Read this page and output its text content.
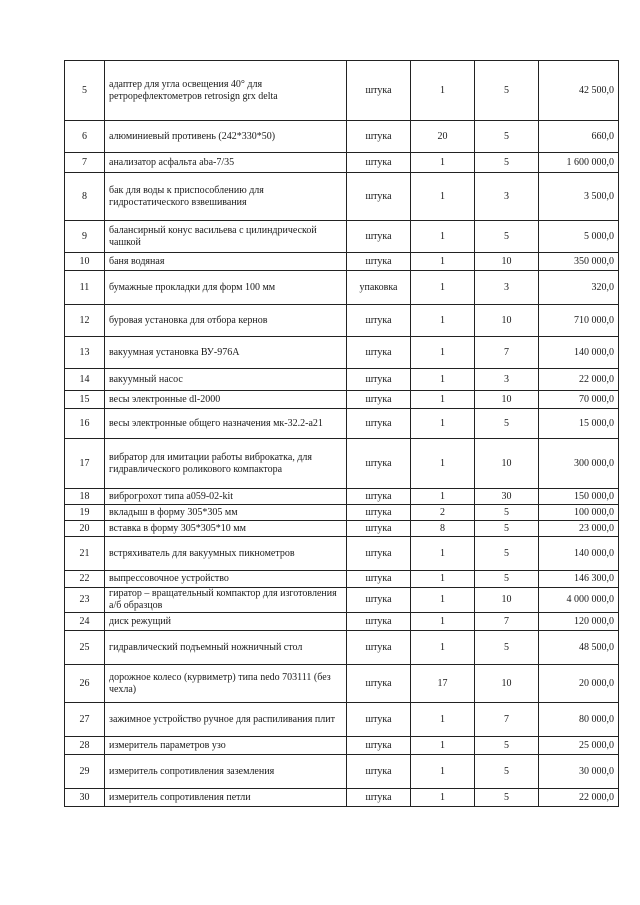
5	адаптер для угла освещения 40° для ретрорефлектометров retrosign grx delta	штука	1	5	42 500,0
6	алюминиевый противень (242*330*50)	штука	20	5	660,0
7	анализатор асфальта aba-7/35	штука	1	5	1 600 000,0
8	бак для воды к приспособлению для гидростатического взвешивания	штука	1	3	3 500,0
9	балансирный конус васильева с цилиндрической чашкой	штука	1	5	5 000,0
10	баня водяная	штука	1	10	350 000,0
11	бумажные прокладки для форм 100 мм	упаковка	1	3	320,0
12	буровая установка для отбора кернов	штука	1	10	710 000,0
13	вакуумная установка ВУ-976А	штука	1	7	140 000,0
14	вакуумный насос	штука	1	3	22 000,0
15	весы электронные dl-2000	штука	1	10	70 000,0
16	весы электронные общего назначения мк-32.2-а21	штука	1	5	15 000,0
17	вибратор для имитации работы виброкатка, для гидравлического роликового компактора	штука	1	10	300 000,0
18	виброгрохот типа а059-02-kit	штука	1	30	150 000,0
19	вкладыш в форму 305*305 мм	штука	2	5	100 000,0
20	вставка в форму 305*305*10 мм	штука	8	5	23 000,0
21	встряхиватель для вакуумных пикнометров	штука	1	5	140 000,0
22	выпрессовочное устройство	штука	1	5	146 300,0
23	гиратор – вращательный компактор для изготовления а/б образцов	штука	1	10	4 000 000,0
24	диск режущий	штука	1	7	120 000,0
25	гидравлический подъемный ножничный стол	штука	1	5	48 500,0
26	дорожное колесо (курвиметр) типа nedo 703111 (без чехла)	штука	17	10	20 000,0
27	зажимное устройство ручное для распиливания плит	штука	1	7	80 000,0
28	измеритель параметров узо	штука	1	5	25 000,0
29	измеритель сопротивления заземления	штука	1	5	30 000,0
30	измеритель сопротивления петли	штука	1	5	22 000,0
